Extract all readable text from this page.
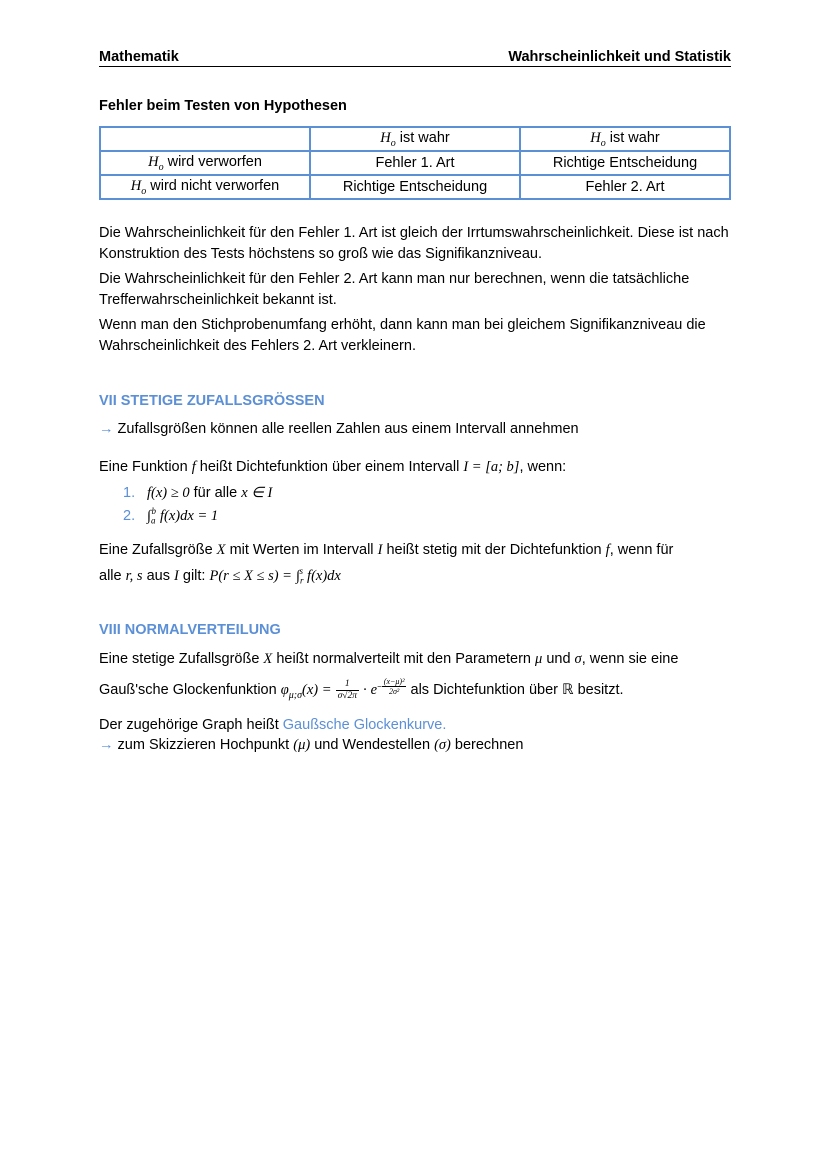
Mathematik	Wahrscheinlichkeit und Statistik
Fehler beim Testen von Hypothesen
	$H_o$ ist wahr	$H_o$ ist wahr
$H_o$ wird verworfen	Fehler 1. Art	Richtige Entscheidung
$H_o$ wird nicht verworfen	Richtige Entscheidung	Fehler 2. Art
Die Wahrscheinlichkeit für den Fehler 1. Art ist gleich der Irrtumswahrscheinlichkeit. Diese ist nach Konstruktion des Tests höchstens so groß wie das Signifikanzniveau.
Die Wahrscheinlichkeit für den Fehler 2. Art kann man nur berechnen, wenn die tatsächliche Trefferwahrscheinlichkeit bekannt ist.
Wenn man den Stichprobenumfang erhöht, dann kann man bei gleichem Signifikanzniveau die Wahrscheinlichkeit des Fehlers 2. Art verkleinern.
VII STETIGE ZUFALLSGRÖSSEN
→ Zufallsgrößen können alle reellen Zahlen aus einem Intervall annehmen
Eine Funktion f heißt Dichtefunktion über einem Intervall I = [a; b], wenn:
1. f(x) ≥ 0 für alle x ∈ I
2. $\int_a^b$ f(x)dx = 1
Eine Zufallsgröße X mit Werten im Intervall I heißt stetig mit der Dichtefunktion f, wenn für
alle r, s aus I gilt: $P(r \le X \le s) = \int_r^s$ f(x)dx
VIII NORMALVERTEILUNG
Eine stetige Zufallsgröße X heißt normalverteilt mit den Parametern μ und σ, wenn sie eine
Gauß'sche Glockenfunktion $\varphi_{\mu;\sigma}(x) = \frac{1}{\sigma√2\pi} \cdot e- \frac{\text{(x−μ)²}}{\text{2σ²}}$ als Dichtefunktion über ℝ besitzt.
Der zugehörige Graph heißt Gaußsche Glockenkurve.
→ zum Skizzieren Hochpunkt (μ) und Wendestellen (σ) berechnen
